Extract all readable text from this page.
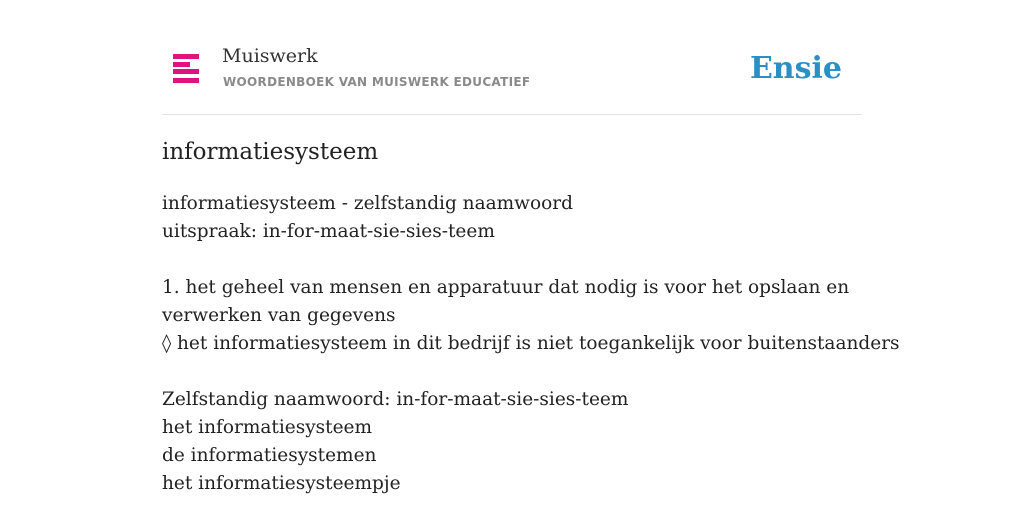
Muiswerk
WOORDENBOEK VAN MUISWERK EDUCATIEF	Ensie
informatiesysteem
informatiesysteem - zelfstandig naamwoord
uitspraak: in-for-maat-sie-sies-teem
1. het geheel van mensen en apparatuur dat nodig is voor het opslaan en verwerken van gegevens
◊ het informatiesysteem in dit bedrijf is niet toegankelijk voor buitenstaanders
Zelfstandig naamwoord: in-for-maat-sie-sies-teem
het informatiesysteem
de informatiesystemen
het informatiesysteempje
